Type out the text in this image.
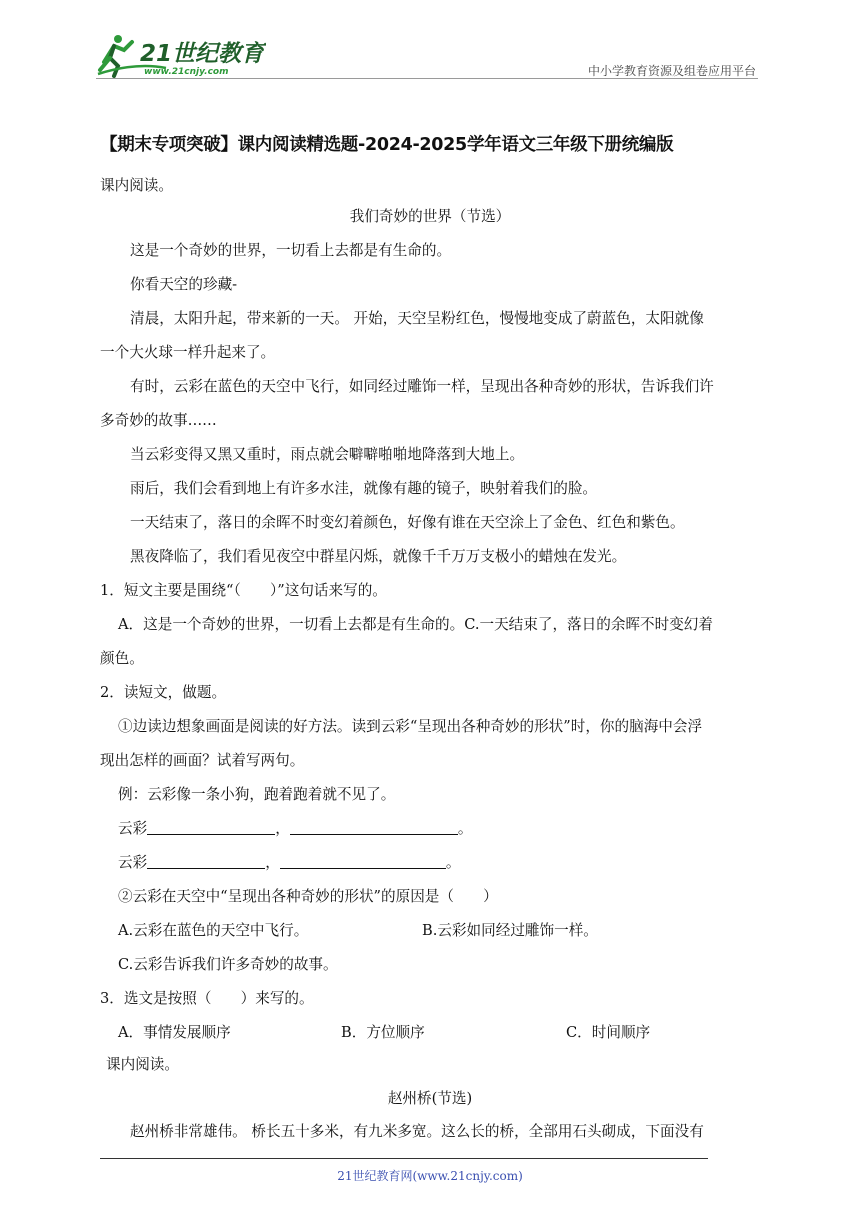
21世纪教育
www.21cnjy.com	中小学教育资源及组卷应用平台
【期末专项突破】课内阅读精选题-2024-2025学年语文三年级下册统编版
课内阅读。
我们奇妙的世界（节选）
这是一个奇妙的世界，一切看上去都是有生命的。
你看天空的珍藏-
清晨，太阳升起，带来新的一天。 开始，天空呈粉红色，慢慢地变成了蔚蓝色，太阳就像
一个大火球一样升起来了。
有时，云彩在蓝色的天空中飞行，如同经过雕饰一样，呈现出各种奇妙的形状，告诉我们许
多奇妙的故事……
当云彩变得又黑又重时，雨点就会噼噼啪啪地降落到大地上。
雨后，我们会看到地上有许多水洼，就像有趣的镜子，映射着我们的脸。
一天结束了，落日的余晖不时变幻着颜色，好像有谁在天空涂上了金色、红色和紫色。
黑夜降临了，我们看见夜空中群星闪烁，就像千千万万支极小的蜡烛在发光。
1．短文主要是围绕“（　　）”这句话来写的。
A．这是一个奇妙的世界，一切看上去都是有生命的。C.一天结束了，落日的余晖不时变幻着
颜色。
2．读短文，做题。
①边读边想象画面是阅读的好方法。读到云彩“呈现出各种奇妙的形状”时，你的脑海中会浮
现出怎样的画面？试着写两句。
例：云彩像一条小狗，跑着跑着就不见了。
云彩	，	。
云彩	，	。
②云彩在天空中“呈现出各种奇妙的形状”的原因是（　　）
A.云彩在蓝色的天空中飞行。	B.云彩如同经过雕饰一样。
C.云彩告诉我们许多奇妙的故事。
3．选文是按照（　　）来写的。
A．事情发展顺序	B．方位顺序	C．时间顺序
课内阅读。
赵州桥(节选)
赵州桥非常雄伟。 桥长五十多米，有九米多宽。这么长的桥，全部用石头砌成，下面没有
21世纪教育网(www.21cnjy.com)
